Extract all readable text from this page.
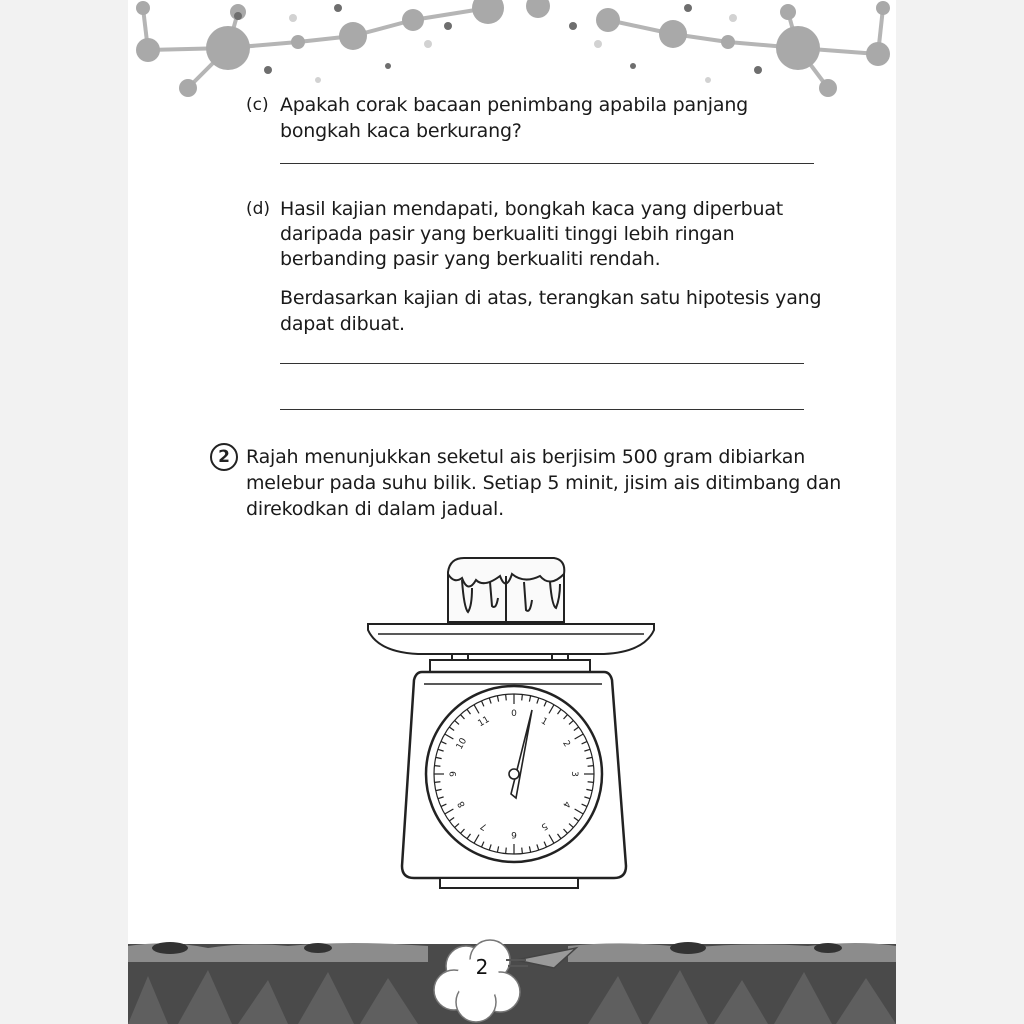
(c) Apakah corak bacaan penimbang apabila panjang
bongkah kaca berkurang?
(d) Hasil kajian mendapati, bongkah kaca yang diperbuat
daripada pasir yang berkualiti tinggi lebih ringan
berbanding pasir yang berkualiti rendah.
Berdasarkan kajian di atas, terangkan satu hipotesis yang
dapat dibuat.
2 Rajah menunjukkan seketul ais berjisim 500 gram dibiarkan
melebur pada suhu bilik. Setiap 5 minit, jisim ais ditimbang dan
direkodkan di dalam jadual.
0
1
2
3
4
5
6
7
8
9
10
11
2
